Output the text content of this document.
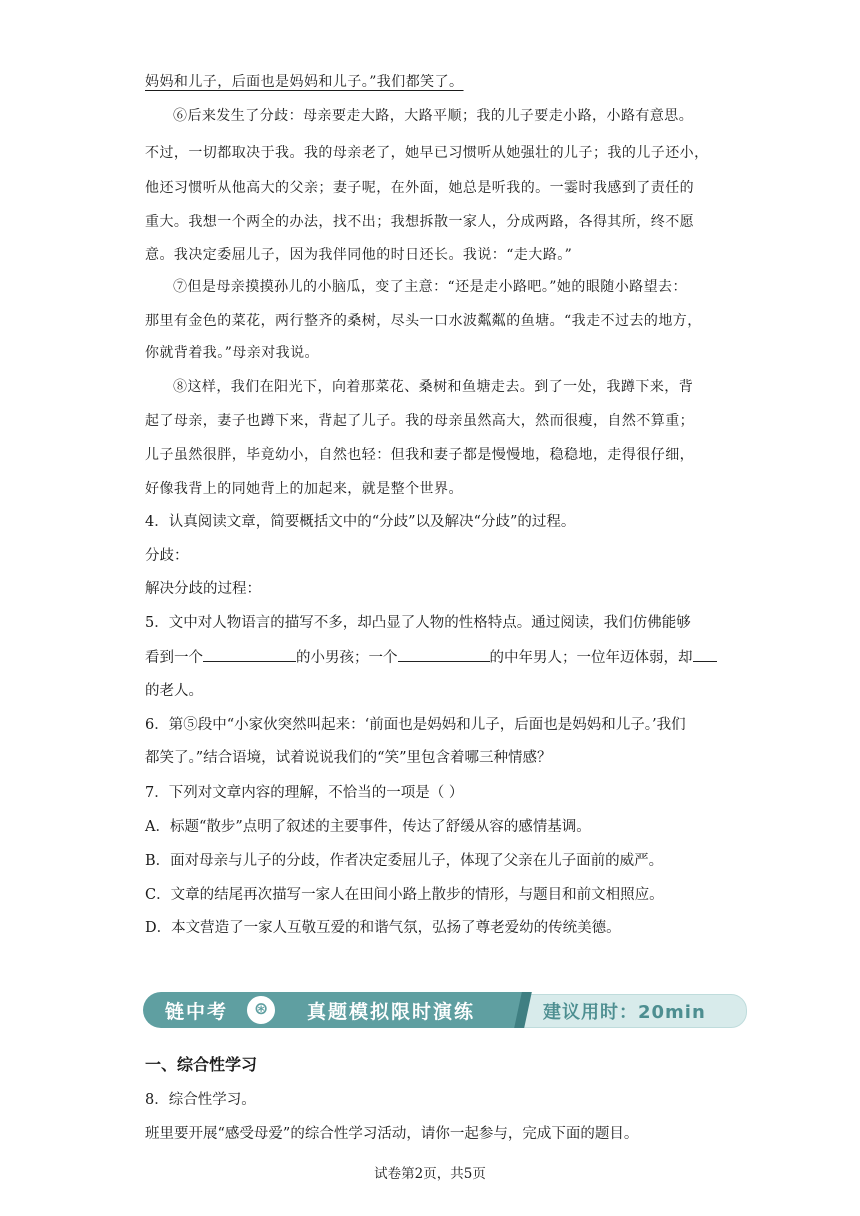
妈妈和儿子，后面也是妈妈和儿子。”我们都笑了。
⑥后来发生了分歧：母亲要走大路，大路平顺；我的儿子要走小路，小路有意思。
不过，一切都取决于我。我的母亲老了，她早已习惯听从她强壮的儿子；我的儿子还小，
他还习惯听从他高大的父亲；妻子呢，在外面，她总是听我的。一霎时我感到了责任的
重大。我想一个两全的办法，找不出；我想拆散一家人，分成两路，各得其所，终不愿
意。我决定委屈儿子，因为我伴同他的时日还长。我说：“走大路。”
⑦但是母亲摸摸孙儿的小脑瓜，变了主意：“还是走小路吧。”她的眼随小路望去：
那里有金色的菜花，两行整齐的桑树，尽头一口水波粼粼的鱼塘。“我走不过去的地方，
你就背着我。”母亲对我说。
⑧这样，我们在阳光下，向着那菜花、桑树和鱼塘走去。到了一处，我蹲下来，背
起了母亲，妻子也蹲下来，背起了儿子。我的母亲虽然高大，然而很瘦，自然不算重；
儿子虽然很胖，毕竟幼小，自然也轻：但我和妻子都是慢慢地，稳稳地，走得很仔细，
好像我背上的同她背上的加起来，就是整个世界。
4．认真阅读文章，简要概括文中的“分歧”以及解决“分歧”的过程。
分歧：
解决分歧的过程：
5．文中对人物语言的描写不多，却凸显了人物的性格特点。通过阅读，我们仿佛能够
看到一个	的小男孩；一个	的中年男人；一位年迈体弱，却
的老人。
6．第⑤段中“小家伙突然叫起来：‘前面也是妈妈和儿子，后面也是妈妈和儿子。’我们
都笑了。”结合语境，试着说说我们的“笑”里包含着哪三种情感？
7．下列对文章内容的理解，不恰当的一项是（ ）
A．标题“散步”点明了叙述的主要事件，传达了舒缓从容的感情基调。
B．面对母亲与儿子的分歧，作者决定委屈儿子，体现了父亲在儿子面前的威严。
C．文章的结尾再次描写一家人在田间小路上散步的情形，与题目和前文相照应。
D．本文营造了一家人互敬互爱的和谐气氛，弘扬了尊老爱幼的传统美德。
链中考 ⊛ 真题模拟限时演练	建议用时：20min
一、综合性学习
8．综合性学习。
班里要开展“感受母爱”的综合性学习活动，请你一起参与，完成下面的题目。
试卷第2页，共5页
